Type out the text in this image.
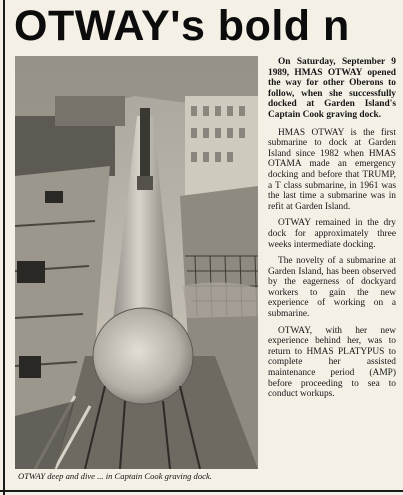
OTWAY's bold n
OTWAY deep and dive ... in Captain Cook graving dock.

On Saturday, September 9 1989, HMAS OTWAY opened the way for other Oberons to follow, when she successfully docked at Garden Island's Captain Cook graving dock.

HMAS OTWAY is the first submarine to dock at Garden Island since 1982 when HMAS OTAMA made an emergency docking and before that TRUMP, a T class submarine, in 1961 was the last time a submarine was in refit at Garden Island.

OTWAY remained in the dry dock for approximately three weeks intermediate docking.

The novelty of a submarine at Garden Island, has been observed by the eagerness of dockyard workers to gain the new experience of working on a submarine.

OTWAY, with her new experience behind her, was to return to HMAS PLATYPUS to complete her assisted maintenance period (AMP) before proceeding to sea to conduct workups.
